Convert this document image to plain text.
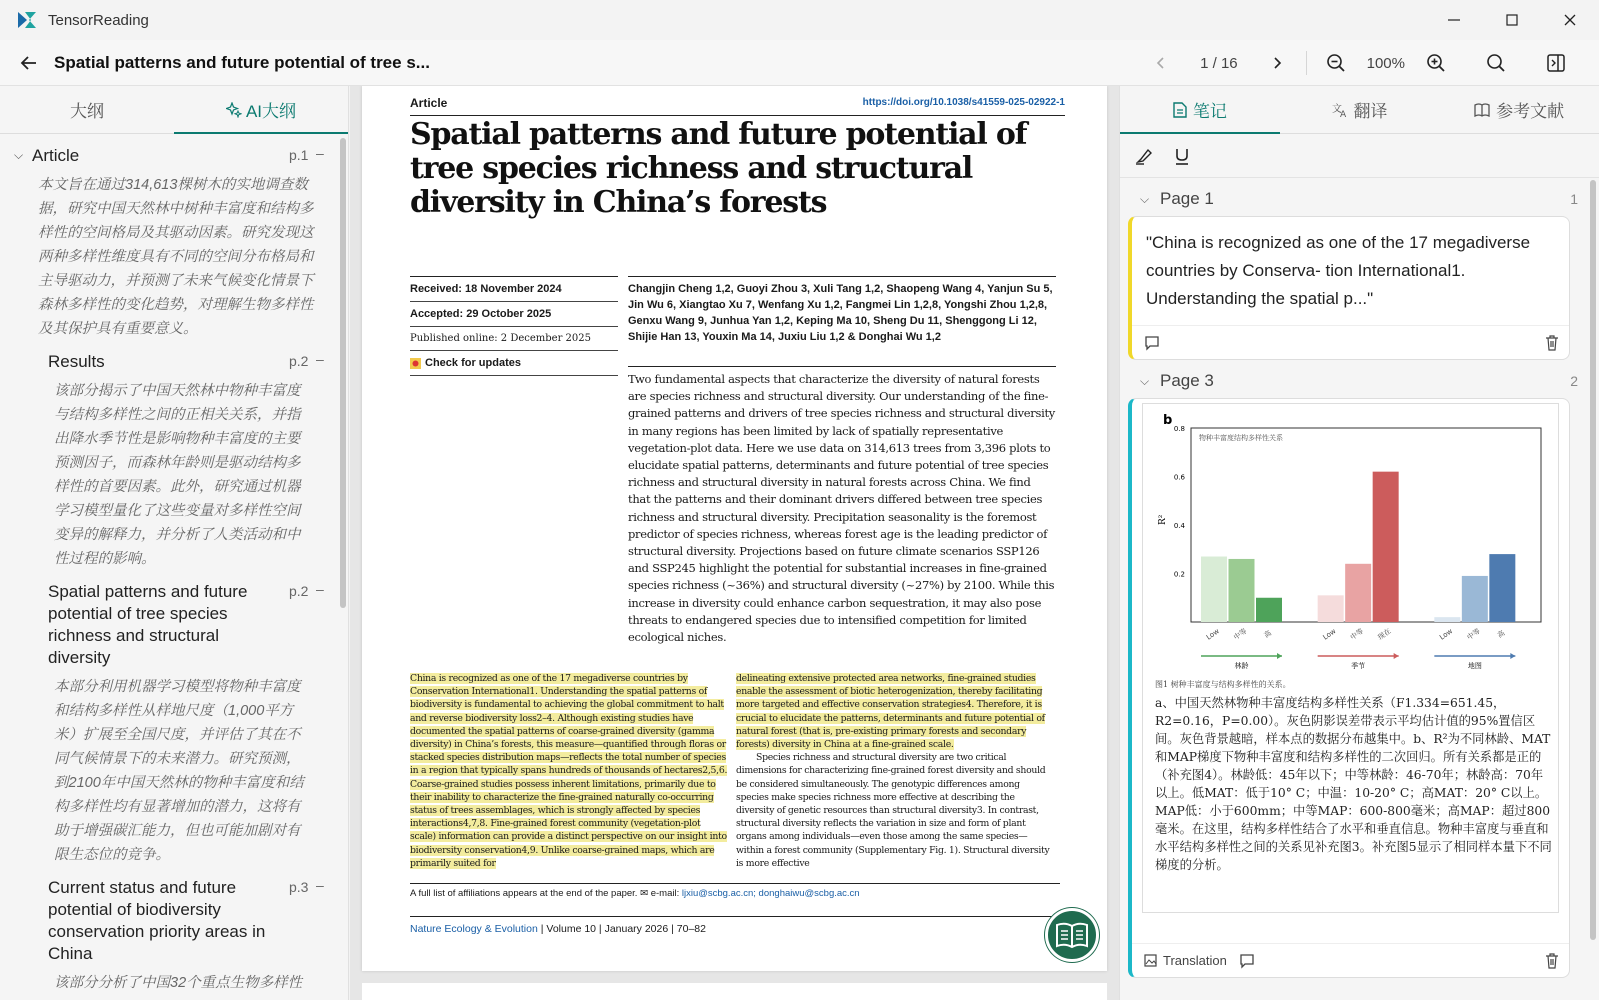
TensorReading
Spatial patterns and future potential of tree s...	1 / 16	100%
大纲	AI大纲
⌵ Article	p.1 –
本文旨在通过314,613棵树木的实地调查数据，研究中国天然林中树种丰富度和结构多样性的空间格局及其驱动因素。研究发现这两种多样性维度具有不同的空间分布格局和主导驱动力，并预测了未来气候变化情景下森林多样性的变化趋势，对理解生物多样性及其保护具有重要意义。
Results	p.2 –
该部分揭示了中国天然林中物种丰富度与结构多样性之间的正相关关系，并指出降水季节性是影响物种丰富度的主要预测因子，而森林年龄则是驱动结构多样性的首要因素。此外，研究通过机器学习模型量化了这些变量对多样性空间变异的解释力，并分析了人类活动和中性过程的影响。
Spatial patterns and future potential of tree species richness and structural diversity
p.2 –
本部分利用机器学习模型将物种丰富度和结构多样性从样地尺度（1,000平方米）扩展至全国尺度，并评估了其在不同气候情景下的未来潜力。研究预测，到2100年中国天然林的物种丰富度和结构多样性均有显著增加的潜力，这将有助于增强碳汇能力，但也可能加剧对有限生态位的竞争。
Current status and future potential of biodiversity conservation priority areas in China
p.3 –
该部分分析了中国32个重点生物多样性
Article	https://doi.org/10.1038/s41559-025-02922-1
Spatial patterns and future potential of tree species richness and structural diversity in China’s forests
Received: 18 November 2024
Accepted: 29 October 2025
Published online: 2 December 2025
Check for updates
Changjin Cheng 1,2, Guoyi Zhou 3, Xuli Tang 1,2, Shaopeng Wang 4, Yanjun Su 5, Jin Wu 6, Xiangtao Xu 7, Wenfang Xu 1,2, Fangmei Lin 1,2,8, Yongshi Zhou 1,2,8, Genxu Wang 9, Junhua Yan 1,2, Keping Ma 10, Sheng Du 11, Shenggong Li 12, Shijie Han 13, Youxin Ma 14, Juxiu Liu 1,2 & Donghai Wu 1,2
Two fundamental aspects that characterize the diversity of natural forests are species richness and structural diversity. Our understanding of the fine-grained patterns and drivers of tree species richness and structural diversity in many regions has been limited by lack of spatially representative vegetation-plot data. Here we use data on 314,613 trees from 3,396 plots to elucidate spatial patterns, determinants and future potential of tree species richness and structural diversity in natural forests across China. We find that the patterns and their dominant drivers differed between tree species richness and structural diversity. Precipitation seasonality is the foremost predictor of species richness, whereas forest age is the leading predictor of structural diversity. Projections based on future climate scenarios SSP126 and SSP245 highlight the potential for substantial increases in fine-grained species richness (~36%) and structural diversity (~27%) by 2100. While this increase in diversity could enhance carbon sequestration, it may also pose threats to endangered species due to intensified competition for limited ecological niches.
China is recognized as one of the 17 megadiverse countries by Conservation International1. Understanding the spatial patterns of biodiversity is fundamental to achieving the global commitment to halt and reverse biodiversity loss2–4. Although existing studies have documented the spatial patterns of coarse-grained diversity (gamma diversity) in China’s forests, this measure—quantified through floras or stacked species distribution maps—reflects the total number of species in a region that typically spans hundreds of thousands of hectares2,5,6. Coarse-grained studies possess inherent limitations, primarily due to their inability to characterize the fine-grained naturally co-occurring status of trees assemblages, which is strongly affected by species interactions4,7,8. Fine-grained forest community (vegetation-plot scale) information can provide a distinct perspective on our insight into biodiversity conservation4,9. Unlike coarse-grained maps, which are primarily suited for
delineating extensive protected area networks, fine-grained studies enable the assessment of biotic heterogenization, thereby facilitating more targeted and effective conservation strategies4. Therefore, it is crucial to elucidate the patterns, determinants and future potential of natural forest (that is, pre-existing primary forests and secondary forests) diversity in China at a fine-grained scale.
Species richness and structural diversity are two critical dimensions for characterizing fine-grained forest diversity and should be considered simultaneously. The genotypic differences among species make species richness more effective at describing the diversity of genetic resources than structural diversity3. In contrast, structural diversity reflects the variation in size and form of plant organs among individuals—even those among the same species—within a forest community (Supplementary Fig. 1). Structural diversity is more effective
A full list of affiliations appears at the end of the paper. ✉ e-mail: ljxiu@scbg.ac.cn; donghaiwu@scbg.ac.cn
Nature Ecology & Evolution | Volume 10 | January 2026 | 70–82
笔记	文
A 翻译	参考文献
⌵ Page 1	1
"China is recognized as one of the 17 megadiverse countries by Conserva- tion International1. Understanding the spatial p..."
⌵ Page 3	2
b
物种丰富度结构多样性关系
0.2
0.4
0.6
0.8
R²
Low 中等 高
林龄
Low 中等 现在
季节
Low 中等 高
地图
图1 树种丰富度与结构多样性的关系。
a、中国天然林物种丰富度结构多样性关系（F1.334=651.45，R2=0.16，P=0.00）。灰色阴影误差带表示平均估计值的95%置信区间。灰色背景越暗，样本点的数据分布越集中。b、R²为不同林龄、MAT和MAP梯度下物种丰富度和结构多样性的二次回归。所有关系都是正的（补充图4）。林龄低：45年以下；中等林龄：46-70年；林龄高：70年以上。低MAT：低于10° C；中温：10-20° C；高MAT：20° C以上。MAP低：小于600mm；中等MAP：600-800毫米；高MAP：超过800毫米。在这里，结构多样性结合了水平和垂直信息。物种丰富度与垂直和水平结构多样性之间的关系见补充图3。补充图5显示了相同样本量下不同梯度的分析。
Translation
